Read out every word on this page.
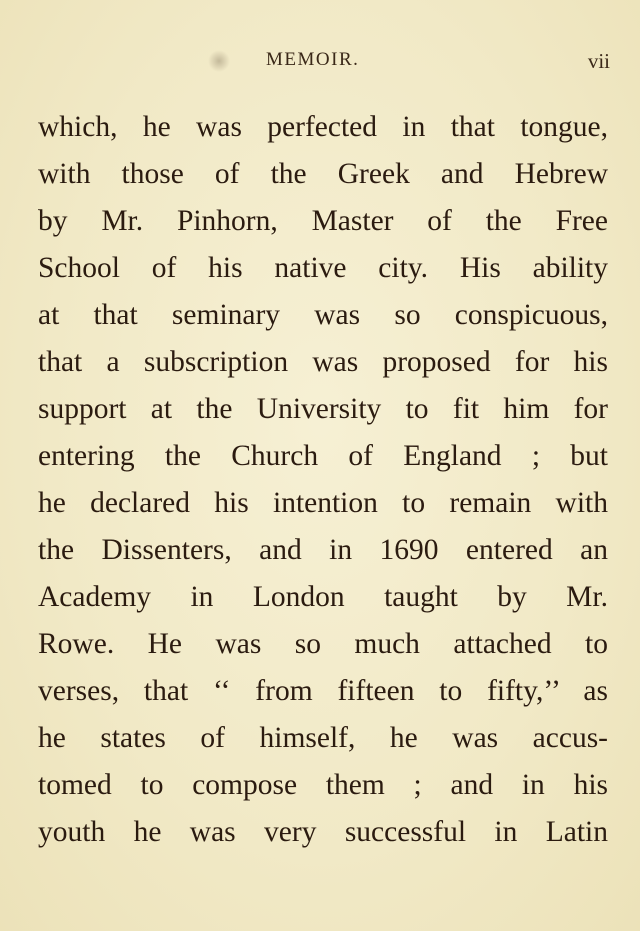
MEMOIR.	vii
which, he was perfected in that tongue,
with those of the Greek and Hebrew
by Mr. Pinhorn, Master of the Free
School of his native city. His ability
at that seminary was so conspicuous,
that a subscription was proposed for his
support at the University to fit him for
entering the Church of England ; but
he declared his intention to remain with
the Dissenters, and in 1690 entered an
Academy in London taught by Mr.
Rowe. He was so much attached to
verses, that ‘‘ from fifteen to fifty,’’ as
he states of himself, he was accus-
tomed to compose them ; and in his
youth he was very successful in Latin
